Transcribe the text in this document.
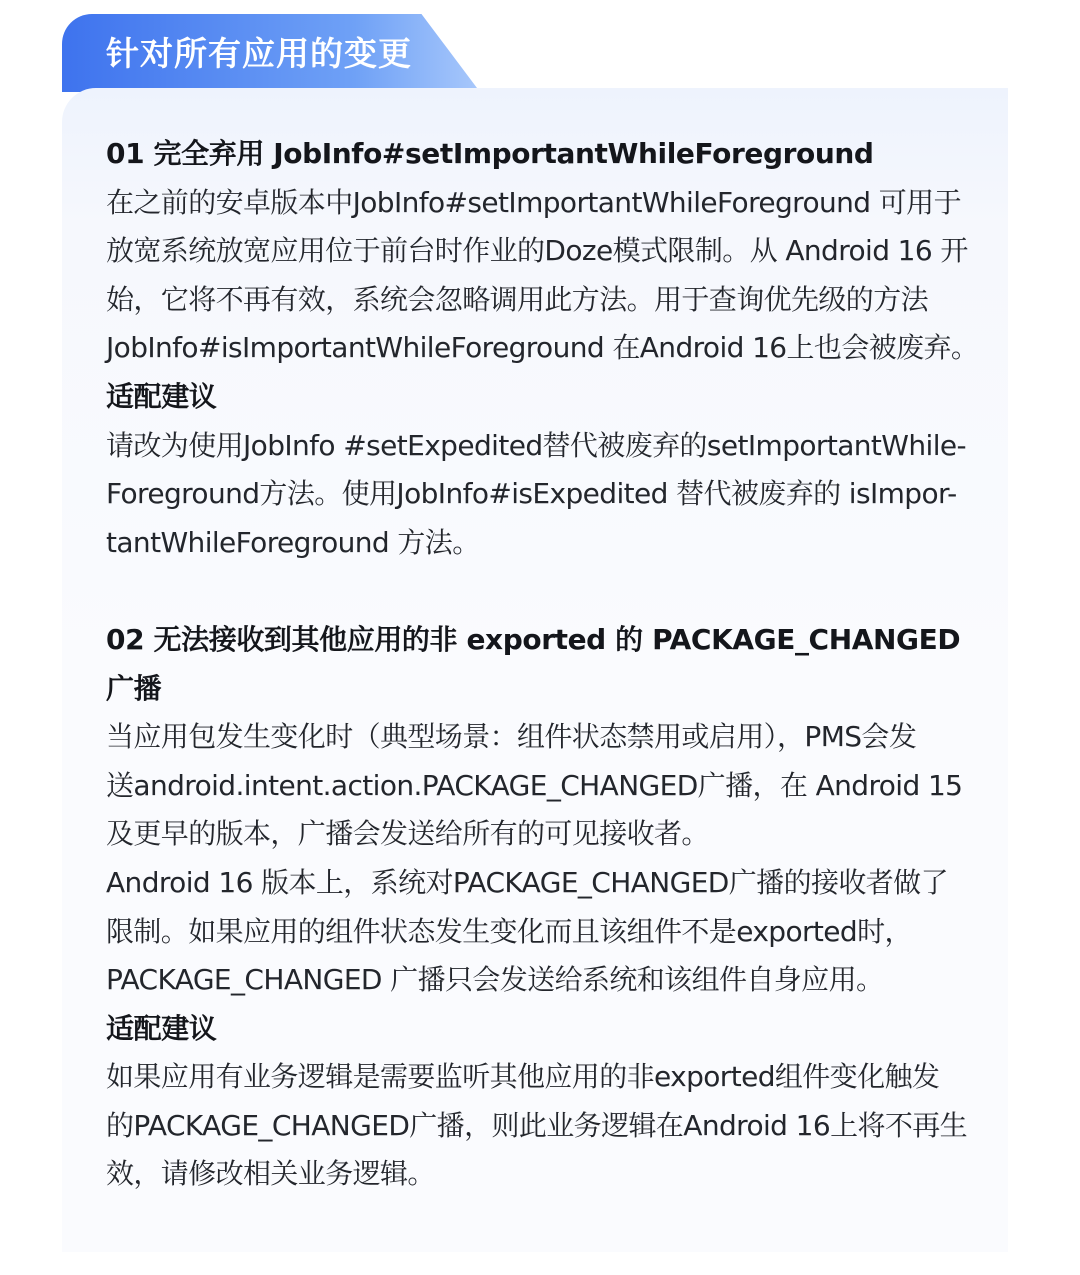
针对所有应用的变更
01 完全弃用 JobInfo#setImportantWhileForeground
在之前的安卓版本中JobInfo#setImportantWhileForeground 可用于
放宽系统放宽应用位于前台时作业的Doze模式限制。从 Android 16 开
始，它将不再有效，系统会忽略调用此方法。用于查询优先级的方法
JobInfo#isImportantWhileForeground 在Android 16上也会被废弃。
适配建议
请改为使用JobInfo #setExpedited替代被废弃的setImportantWhile-
Foreground方法。使用JobInfo#isExpedited 替代被废弃的 isImpor-
tantWhileForeground 方法。
02 无法接收到其他应用的非 exported 的 PACKAGE_CHANGED
广播
当应用包发生变化时（典型场景：组件状态禁用或启用），PMS会发
送android.intent.action.PACKAGE_CHANGED广播，在 Android 15
及更早的版本，广播会发送给所有的可见接收者。
Android 16 版本上，系统对PACKAGE_CHANGED广播的接收者做了
限制。如果应用的组件状态发生变化而且该组件不是exported时，
PACKAGE_CHANGED 广播只会发送给系统和该组件自身应用。
适配建议
如果应用有业务逻辑是需要监听其他应用的非exported组件变化触发
的PACKAGE_CHANGED广播，则此业务逻辑在Android 16上将不再生
效，请修改相关业务逻辑。
